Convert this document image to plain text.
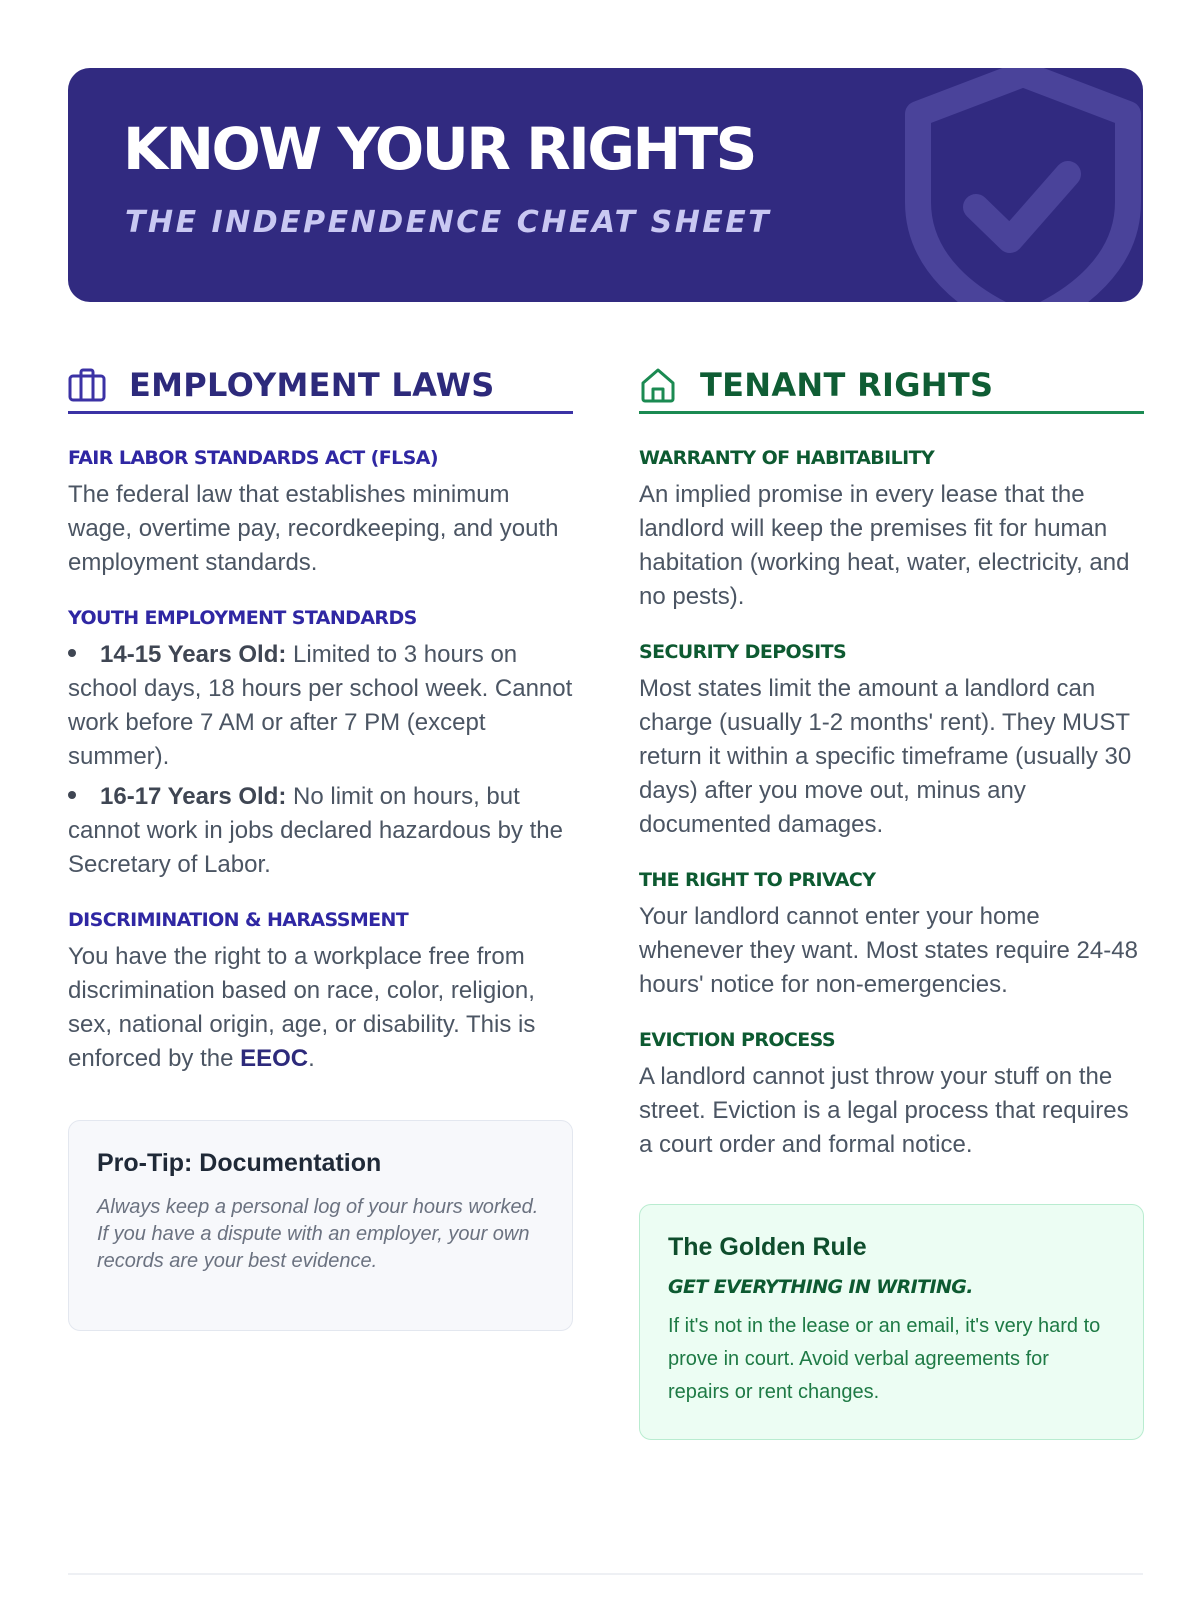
KNOW YOUR RIGHTS
THE INDEPENDENCE CHEAT SHEET
EMPLOYMENT LAWS
FAIR LABOR STANDARDS ACT (FLSA)

The federal law that establishes minimum wage, overtime pay, recordkeeping, and youth employment standards.

YOUTH EMPLOYMENT STANDARDS
14-15 Years Old: Limited to 3 hours on school days, 18 hours per school week. Cannot work before 7 AM or after 7 PM (except summer).
16-17 Years Old: No limit on hours, but cannot work in jobs declared hazardous by the Secretary of Labor.
DISCRIMINATION & HARASSMENT

You have the right to a workplace free from discrimination based on race, color, religion, sex, national origin, age, or disability. This is enforced by the EEOC.

Pro-Tip: Documentation

Always keep a personal log of your hours worked. If you have a dispute with an employer, your own records are your best evidence.

TENANT RIGHTS
WARRANTY OF HABITABILITY

An implied promise in every lease that the landlord will keep the premises fit for human habitation (working heat, water, electricity, and no pests).

SECURITY DEPOSITS

Most states limit the amount a landlord can charge (usually 1-2 months' rent). They MUST return it within a specific timeframe (usually 30 days) after you move out, minus any documented damages.

THE RIGHT TO PRIVACY

Your landlord cannot enter your home whenever they want. Most states require 24-48 hours' notice for non-emergencies.

EVICTION PROCESS

A landlord cannot just throw your stuff on the street. Eviction is a legal process that requires a court order and formal notice.

The Golden Rule
GET EVERYTHING IN WRITING.

If it's not in the lease or an email, it's very hard to prove in court. Avoid verbal agreements for repairs or rent changes.
